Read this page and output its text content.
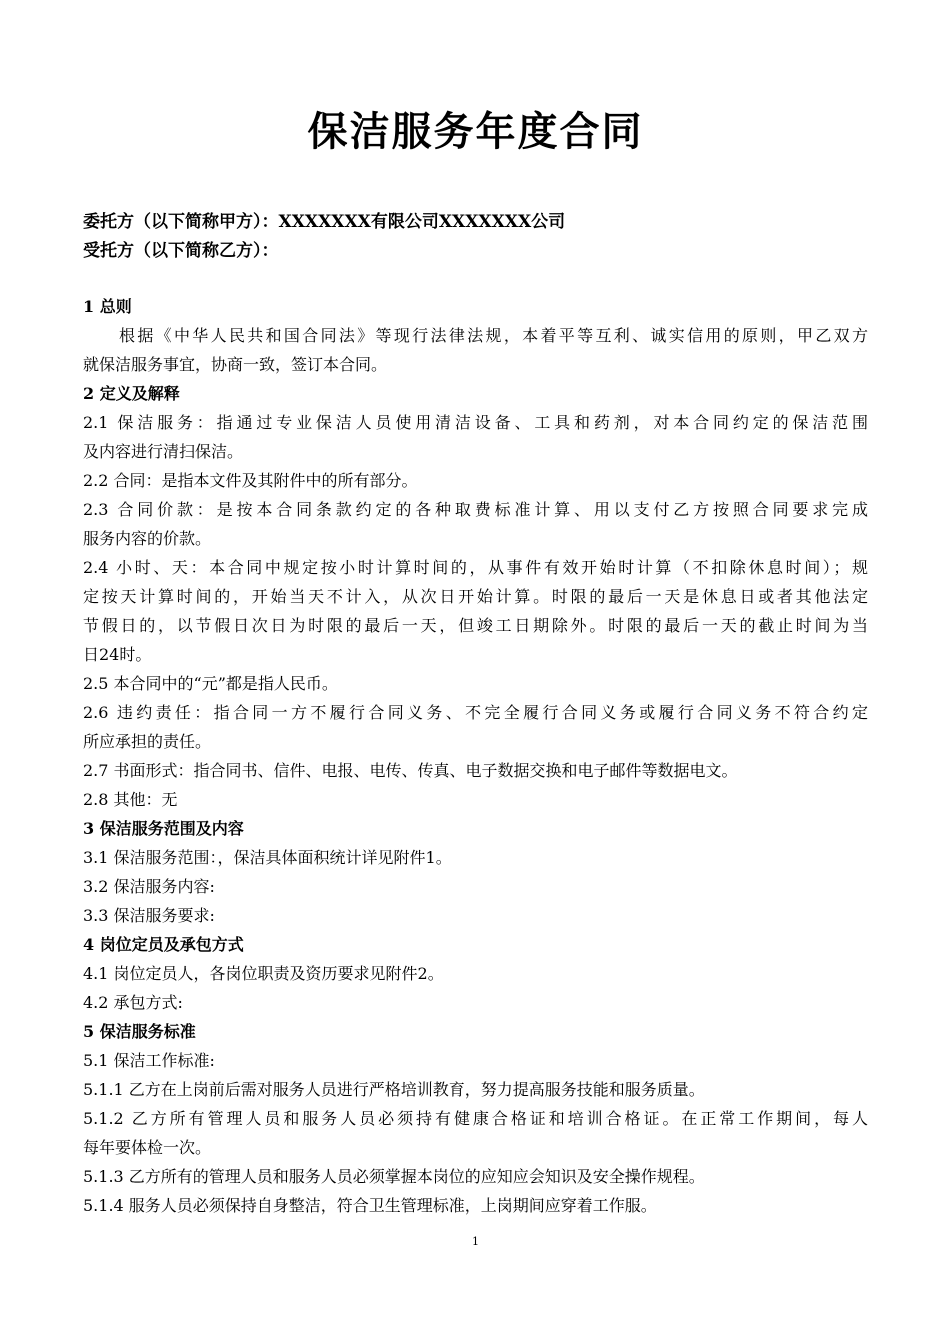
保洁服务年度合同
委托方（以下简称甲方）：XXXXXXX有限公司XXXXXXX公司
受托方（以下简称乙方）：
1 总则
根据《中华人民共和国合同法》等现行法律法规，本着平等互利、诚实信用的原则，甲乙双方
就保洁服务事宜，协商一致，签订本合同。
2 定义及解释
2.1 保洁服务：指通过专业保洁人员使用清洁设备、工具和药剂，对本合同约定的保洁范围
及内容进行清扫保洁。
2.2 合同：是指本文件及其附件中的所有部分。
2.3 合同价款：是按本合同条款约定的各种取费标准计算、用以支付乙方按照合同要求完成
服务内容的价款。
2.4 小时、天：本合同中规定按小时计算时间的，从事件有效开始时计算（不扣除休息时间）；规
定按天计算时间的，开始当天不计入，从次日开始计算。时限的最后一天是休息日或者其他法定
节假日的，以节假日次日为时限的最后一天，但竣工日期除外。时限的最后一天的截止时间为当
日24时。
2.5 本合同中的“元”都是指人民币。
2.6 违约责任：指合同一方不履行合同义务、不完全履行合同义务或履行合同义务不符合约定
所应承担的责任。
2.7 书面形式：指合同书、信件、电报、电传、传真、电子数据交换和电子邮件等数据电文。
2.8 其他：无
3 保洁服务范围及内容
3.1 保洁服务范围：，保洁具体面积统计详见附件1。
3.2 保洁服务内容:
3.3 保洁服务要求:
4 岗位定员及承包方式
4.1 岗位定员人，各岗位职责及资历要求见附件2。
4.2 承包方式:
5 保洁服务标准
5.1 保洁工作标准:
5.1.1 乙方在上岗前后需对服务人员进行严格培训教育，努力提高服务技能和服务质量。
5.1.2 乙方所有管理人员和服务人员必须持有健康合格证和培训合格证。在正常工作期间，每人
每年要体检一次。
5.1.3 乙方所有的管理人员和服务人员必须掌握本岗位的应知应会知识及安全操作规程。
5.1.4 服务人员必须保持自身整洁，符合卫生管理标准，上岗期间应穿着工作服。
1
